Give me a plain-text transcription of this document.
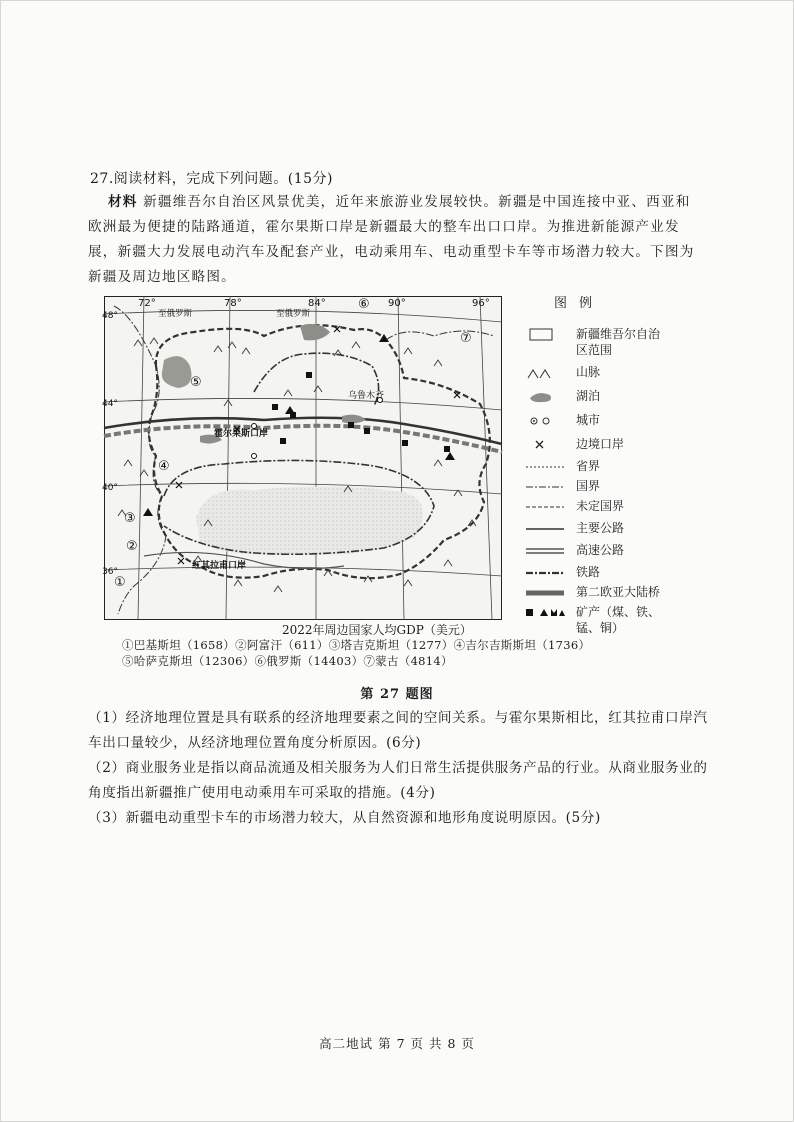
27.阅读材料，完成下列问题。(15分)
材料 新疆维吾尔自治区风景优美，近年来旅游业发展较快。新疆是中国连接中亚、西亚和欧洲最为便捷的陆路通道，霍尔果斯口岸是新疆最大的整车出口口岸。为推进新能源产业发展，新疆大力发展电动汽车及配套产业，电动乘用车、电动重型卡车等市场潜力较大。下图为新疆及周边地区略图。
72°	78°	84°	90°	96°
48°
44°
40°
36°
至俄罗斯	至俄罗斯
乌鲁木齐
霍尔果斯口岸
红其拉甫口岸
①
②
③
④
⑤
⑥
⑦
图例
新疆维吾尔自治
区范围
山脉
湖泊
城市
边境口岸
省界
国界
未定国界
主要公路
高速公路
铁路
第二欧亚大陆桥
矿产（煤、铁、
锰、铜）
2022年周边国家人均GDP（美元）
①巴基斯坦（1658）②阿富汗（611）③塔吉克斯坦（1277）④吉尔吉斯斯坦（1736）
⑤哈萨克斯坦（12306）⑥俄罗斯（14403）⑦蒙古（4814）
第 27 题图
（1）经济地理位置是具有联系的经济地理要素之间的空间关系。与霍尔果斯相比，红其拉甫口岸汽车出口量较少，从经济地理位置角度分析原因。(6分)
（2）商业服务业是指以商品流通及相关服务为人们日常生活提供服务产品的行业。从商业服务业的角度指出新疆推广使用电动乘用车可采取的措施。(4分)
（3）新疆电动重型卡车的市场潜力较大，从自然资源和地形角度说明原因。(5分)
高二地试 第 7 页 共 8 页
